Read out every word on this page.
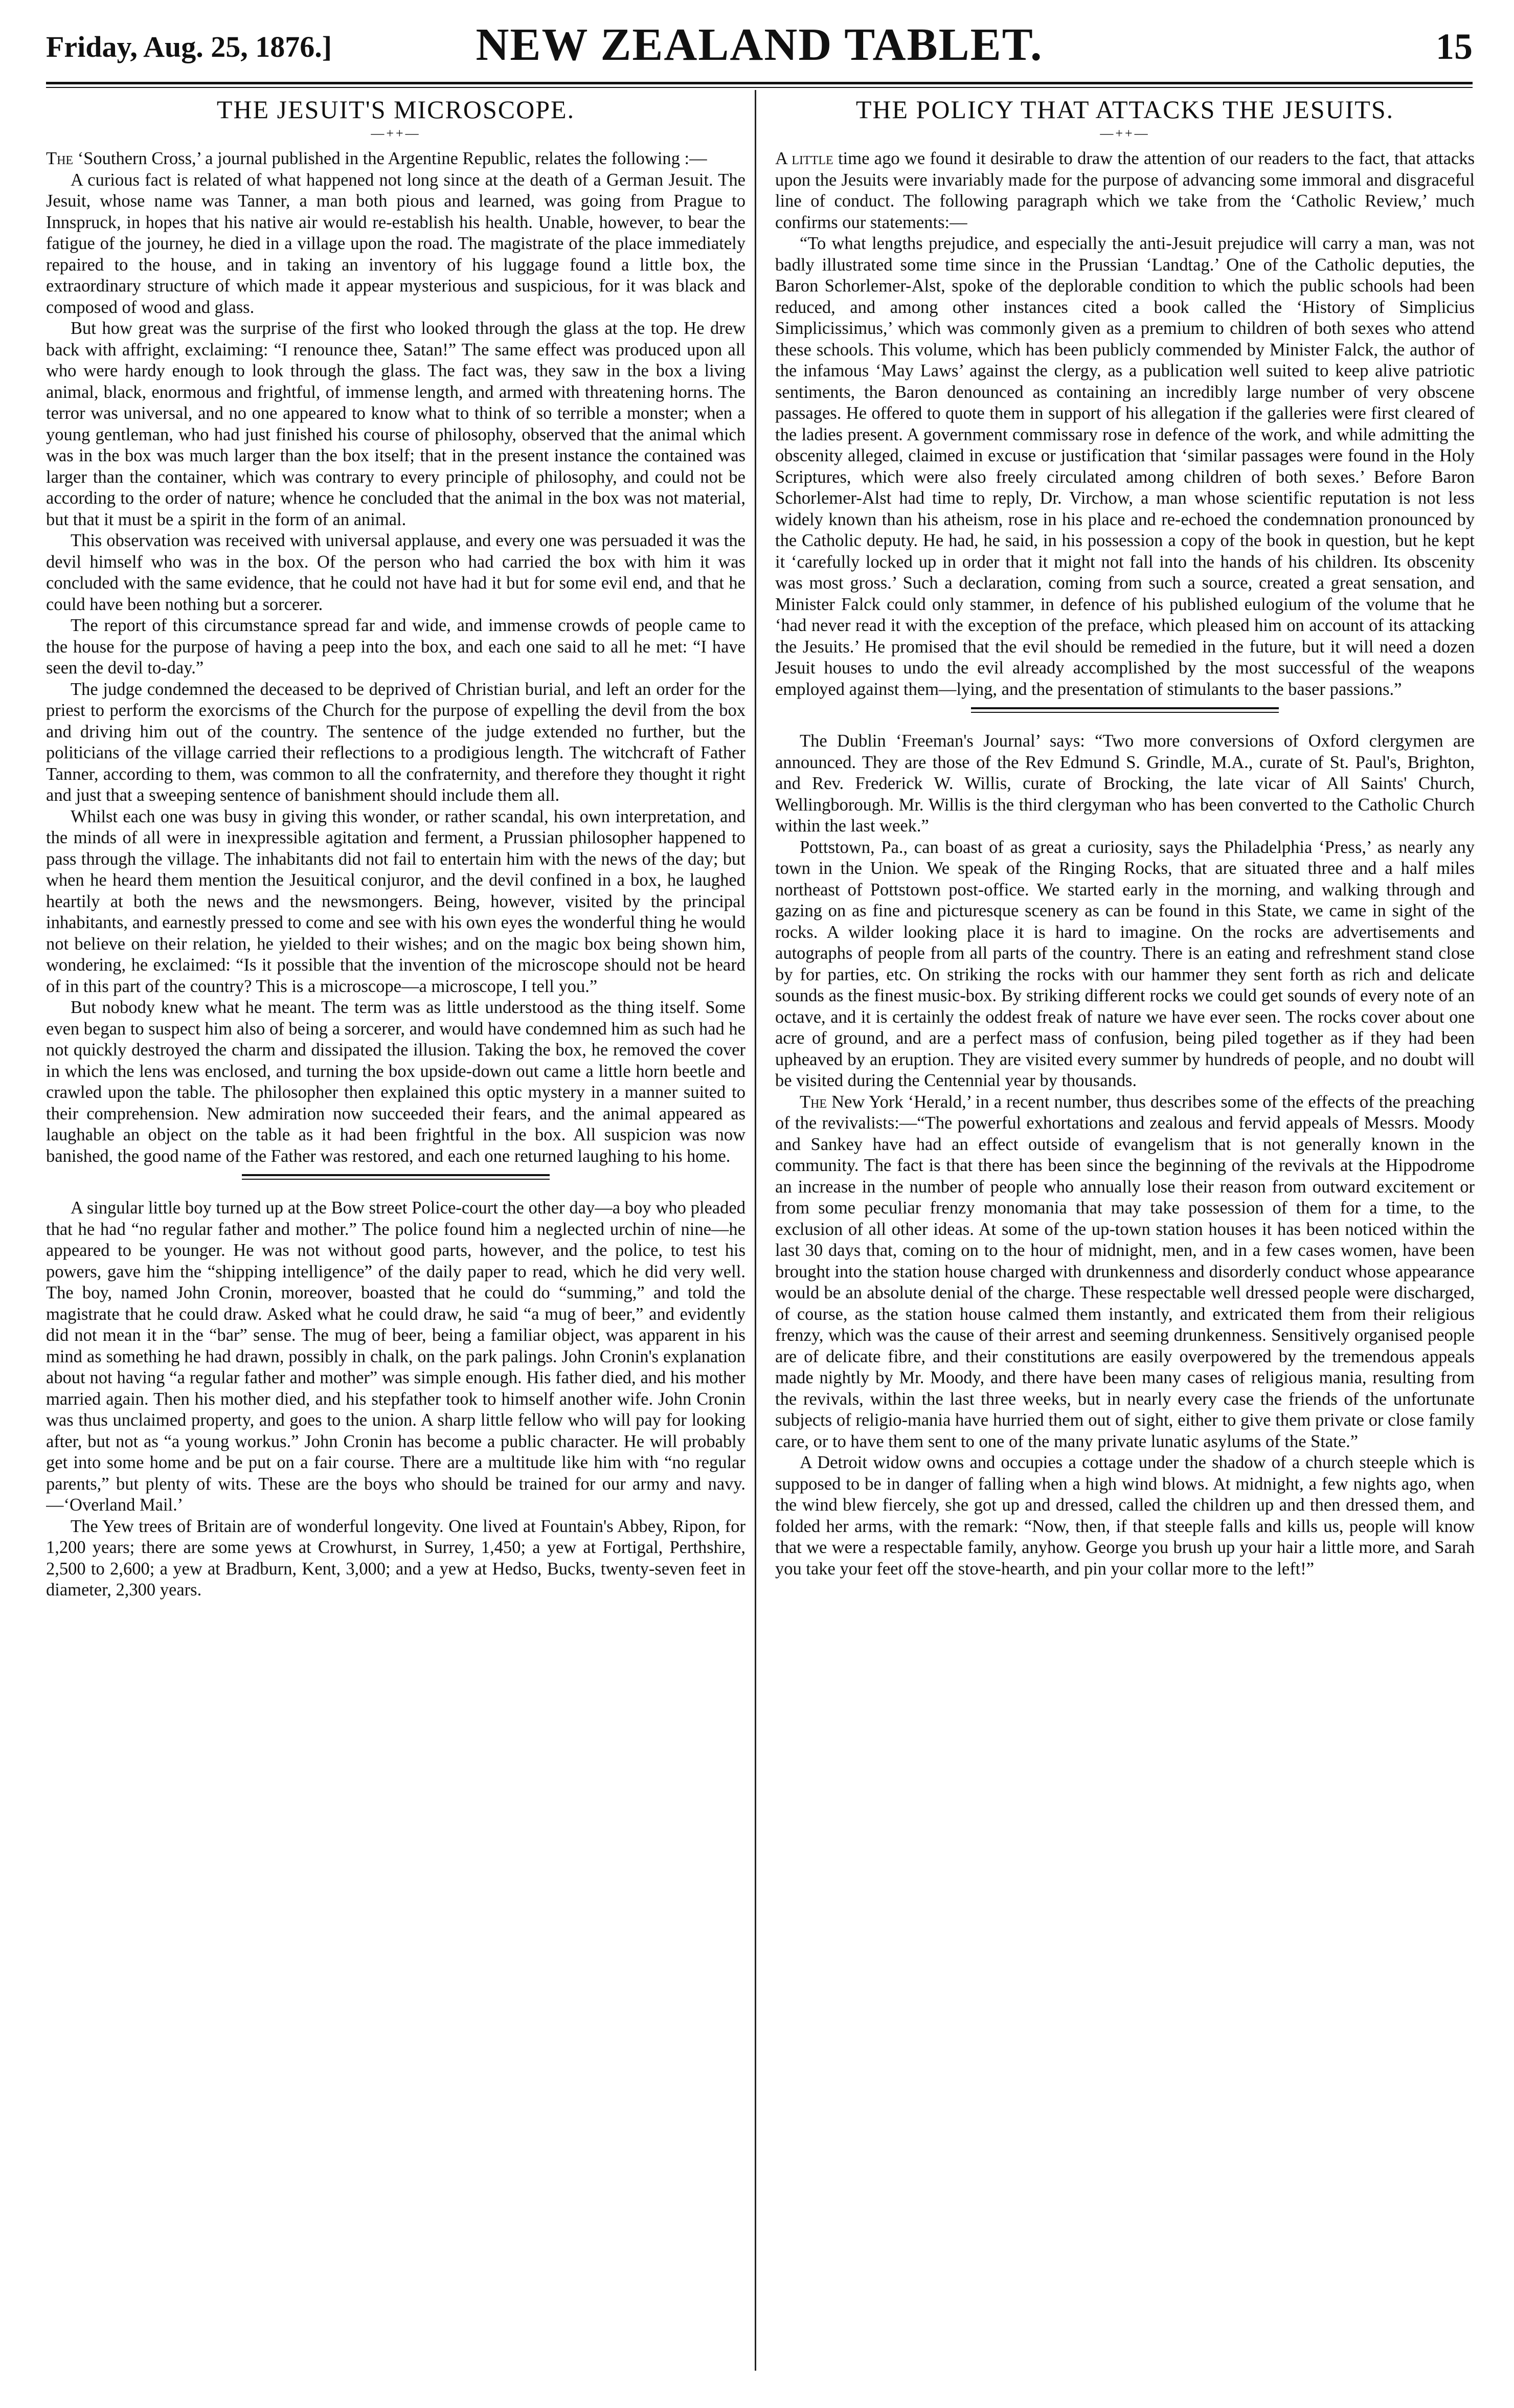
Friday, Aug. 25, 1876.]	NEW ZEALAND TABLET.	15
THE JESUIT'S MICROSCOPE.
—++—

The ‘Southern Cross,’ a journal published in the Argentine Republic, relates the following :—

A curious fact is related of what happened not long since at the death of a German Jesuit. The Jesuit, whose name was Tanner, a man both pious and learned, was going from Prague to Innspruck, in hopes that his native air would re-establish his health. Unable, however, to bear the fatigue of the journey, he died in a village upon the road. The magistrate of the place immediately repaired to the house, and in taking an inventory of his luggage found a little box, the extraordinary structure of which made it appear mysterious and suspicious, for it was black and composed of wood and glass.

But how great was the surprise of the first who looked through the glass at the top. He drew back with affright, exclaiming: “I renounce thee, Satan!” The same effect was produced upon all who were hardy enough to look through the glass. The fact was, they saw in the box a living animal, black, enormous and frightful, of immense length, and armed with threatening horns. The terror was universal, and no one appeared to know what to think of so terrible a monster; when a young gentleman, who had just finished his course of philosophy, observed that the animal which was in the box was much larger than the box itself; that in the present instance the contained was larger than the container, which was contrary to every principle of philosophy, and could not be according to the order of nature; whence he concluded that the animal in the box was not material, but that it must be a spirit in the form of an animal.

This observation was received with universal applause, and every one was persuaded it was the devil himself who was in the box. Of the person who had carried the box with him it was concluded with the same evidence, that he could not have had it but for some evil end, and that he could have been nothing but a sorcerer.

The report of this circumstance spread far and wide, and immense crowds of people came to the house for the purpose of having a peep into the box, and each one said to all he met: “I have seen the devil to-day.”

The judge condemned the deceased to be deprived of Christian burial, and left an order for the priest to perform the exorcisms of the Church for the purpose of expelling the devil from the box and driving him out of the country. The sentence of the judge extended no further, but the politicians of the village carried their reflections to a prodigious length. The witchcraft of Father Tanner, according to them, was common to all the confraternity, and therefore they thought it right and just that a sweeping sentence of banishment should include them all.

Whilst each one was busy in giving this wonder, or rather scandal, his own interpretation, and the minds of all were in inexpressible agitation and ferment, a Prussian philosopher happened to pass through the village. The inhabitants did not fail to entertain him with the news of the day; but when he heard them mention the Jesuitical conjuror, and the devil confined in a box, he laughed heartily at both the news and the newsmongers. Being, however, visited by the principal inhabitants, and earnestly pressed to come and see with his own eyes the wonderful thing he would not believe on their relation, he yielded to their wishes; and on the magic box being shown him, wondering, he exclaimed: “Is it possible that the invention of the microscope should not be heard of in this part of the country? This is a microscope—a microscope, I tell you.”

But nobody knew what he meant. The term was as little understood as the thing itself. Some even began to suspect him also of being a sorcerer, and would have condemned him as such had he not quickly destroyed the charm and dissipated the illusion. Taking the box, he removed the cover in which the lens was enclosed, and turning the box upside-down out came a little horn beetle and crawled upon the table. The philosopher then explained this optic mystery in a manner suited to their comprehension. New admiration now succeeded their fears, and the animal appeared as laughable an object on the table as it had been frightful in the box. All suspicion was now banished, the good name of the Father was restored, and each one returned laughing to his home.

A singular little boy turned up at the Bow street Police-court the other day—a boy who pleaded that he had “no regular father and mother.” The police found him a neglected urchin of nine—he appeared to be younger. He was not without good parts, however, and the police, to test his powers, gave him the “shipping intelligence” of the daily paper to read, which he did very well. The boy, named John Cronin, moreover, boasted that he could do “summing,” and told the magistrate that he could draw. Asked what he could draw, he said “a mug of beer,” and evidently did not mean it in the “bar” sense. The mug of beer, being a familiar object, was apparent in his mind as something he had drawn, possibly in chalk, on the park palings. John Cronin's explanation about not having “a regular father and mother” was simple enough. His father died, and his mother married again. Then his mother died, and his stepfather took to himself another wife. John Cronin was thus unclaimed property, and goes to the union. A sharp little fellow who will pay for looking after, but not as “a young workus.” John Cronin has become a public character. He will probably get into some home and be put on a fair course. There are a multitude like him with “no regular parents,” but plenty of wits. These are the boys who should be trained for our army and navy.—‘Overland Mail.’

The Yew trees of Britain are of wonderful longevity. One lived at Fountain's Abbey, Ripon, for 1,200 years; there are some yews at Crowhurst, in Surrey, 1,450; a yew at Fortigal, Perthshire, 2,500 to 2,600; a yew at Bradburn, Kent, 3,000; and a yew at Hedso, Bucks, twenty-seven feet in diameter, 2,300 years.

THE POLICY THAT ATTACKS THE JESUITS.
—++—

A little time ago we found it desirable to draw the attention of our readers to the fact, that attacks upon the Jesuits were invariably made for the purpose of advancing some immoral and disgraceful line of conduct. The following paragraph which we take from the ‘Catholic Review,’ much confirms our statements:—

“To what lengths prejudice, and especially the anti-Jesuit prejudice will carry a man, was not badly illustrated some time since in the Prussian ‘Landtag.’ One of the Catholic deputies, the Baron Schorlemer-Alst, spoke of the deplorable condition to which the public schools had been reduced, and among other instances cited a book called the ‘History of Simplicius Simplicissimus,’ which was commonly given as a premium to children of both sexes who attend these schools. This volume, which has been publicly commended by Minister Falck, the author of the infamous ‘May Laws’ against the clergy, as a publication well suited to keep alive patriotic sentiments, the Baron denounced as containing an incredibly large number of very obscene passages. He offered to quote them in support of his allegation if the galleries were first cleared of the ladies present. A government commissary rose in defence of the work, and while admitting the obscenity alleged, claimed in excuse or justification that ‘similar passages were found in the Holy Scriptures, which were also freely circulated among children of both sexes.’ Before Baron Schorlemer-Alst had time to reply, Dr. Virchow, a man whose scientific reputation is not less widely known than his atheism, rose in his place and re-echoed the condemnation pronounced by the Catholic deputy. He had, he said, in his possession a copy of the book in question, but he kept it ‘carefully locked up in order that it might not fall into the hands of his children. Its obscenity was most gross.’ Such a declaration, coming from such a source, created a great sensation, and Minister Falck could only stammer, in defence of his published eulogium of the volume that he ‘had never read it with the exception of the preface, which pleased him on account of its attacking the Jesuits.’ He promised that the evil should be remedied in the future, but it will need a dozen Jesuit houses to undo the evil already accomplished by the most successful of the weapons employed against them—lying, and the presentation of stimulants to the baser passions.”

The Dublin ‘Freeman's Journal’ says: “Two more conversions of Oxford clergymen are announced. They are those of the Rev Edmund S. Grindle, M.A., curate of St. Paul's, Brighton, and Rev. Frederick W. Willis, curate of Brocking, the late vicar of All Saints' Church, Wellingborough. Mr. Willis is the third clergyman who has been converted to the Catholic Church within the last week.”

Pottstown, Pa., can boast of as great a curiosity, says the Philadelphia ‘Press,’ as nearly any town in the Union. We speak of the Ringing Rocks, that are situated three and a half miles northeast of Pottstown post-office. We started early in the morning, and walking through and gazing on as fine and picturesque scenery as can be found in this State, we came in sight of the rocks. A wilder looking place it is hard to imagine. On the rocks are advertisements and autographs of people from all parts of the country. There is an eating and refreshment stand close by for parties, etc. On striking the rocks with our hammer they sent forth as rich and delicate sounds as the finest music-box. By striking different rocks we could get sounds of every note of an octave, and it is certainly the oddest freak of nature we have ever seen. The rocks cover about one acre of ground, and are a perfect mass of confusion, being piled together as if they had been upheaved by an eruption. They are visited every summer by hundreds of people, and no doubt will be visited during the Centennial year by thousands.

The New York ‘Herald,’ in a recent number, thus describes some of the effects of the preaching of the revivalists:—“The powerful exhortations and zealous and fervid appeals of Messrs. Moody and Sankey have had an effect outside of evangelism that is not generally known in the community. The fact is that there has been since the beginning of the revivals at the Hippodrome an increase in the number of people who annually lose their reason from outward excitement or from some peculiar frenzy monomania that may take possession of them for a time, to the exclusion of all other ideas. At some of the up-town station houses it has been noticed within the last 30 days that, coming on to the hour of midnight, men, and in a few cases women, have been brought into the station house charged with drunkenness and disorderly conduct whose appearance would be an absolute denial of the charge. These respectable well dressed people were discharged, of course, as the station house calmed them instantly, and extricated them from their religious frenzy, which was the cause of their arrest and seeming drunkenness. Sensitively organised people are of delicate fibre, and their constitutions are easily overpowered by the tremendous appeals made nightly by Mr. Moody, and there have been many cases of religious mania, resulting from the revivals, within the last three weeks, but in nearly every case the friends of the unfortunate subjects of religio-mania have hurried them out of sight, either to give them private or close family care, or to have them sent to one of the many private lunatic asylums of the State.”

A Detroit widow owns and occupies a cottage under the shadow of a church steeple which is supposed to be in danger of falling when a high wind blows. At midnight, a few nights ago, when the wind blew fiercely, she got up and dressed, called the children up and then dressed them, and folded her arms, with the remark: “Now, then, if that steeple falls and kills us, people will know that we were a respectable family, anyhow. George you brush up your hair a little more, and Sarah you take your feet off the stove-hearth, and pin your collar more to the left!”
